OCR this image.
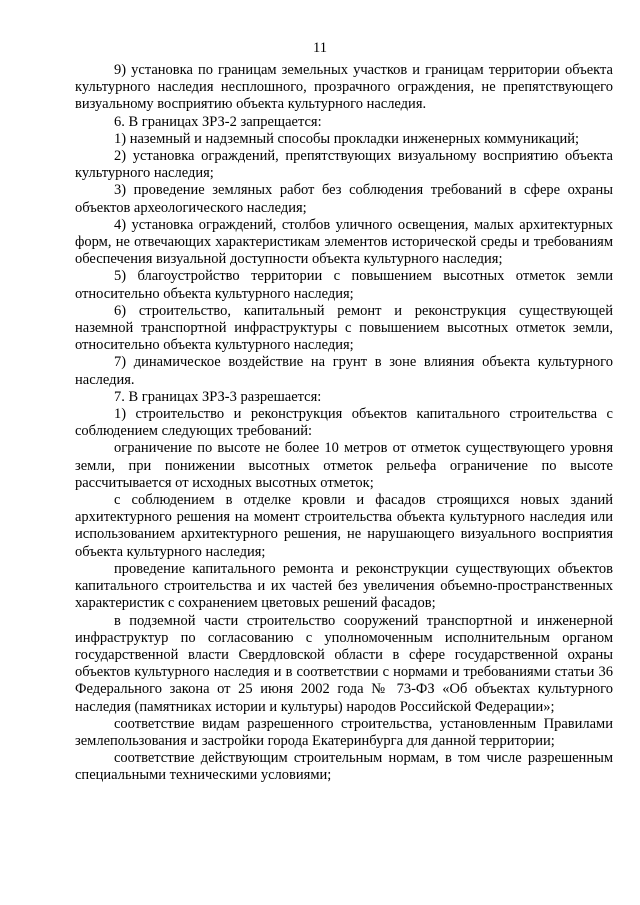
11

9) установка по границам земельных участков и границам территории объекта культурного наследия несплошного, прозрачного ограждения, не препятствующего визуальному восприятию объекта культурного наследия.

6. В границах ЗРЗ-2 запрещается:

1) наземный и надземный способы прокладки инженерных коммуникаций;

2) установка ограждений, препятствующих визуальному восприятию объекта культурного наследия;

3) проведение земляных работ без соблюдения требований в сфере охраны объектов археологического наследия;

4) установка ограждений, столбов уличного освещения, малых архитектурных форм, не отвечающих характеристикам элементов исторической среды и требованиям обеспечения визуальной доступности объекта культурного наследия;

5) благоустройство территории с повышением высотных отметок земли относительно объекта культурного наследия;

6) строительство, капитальный ремонт и реконструкция существующей наземной транспортной инфраструктуры с повышением высотных отметок земли, относительно объекта культурного наследия;

7) динамическое воздействие на грунт в зоне влияния объекта культурного наследия.

7. В границах ЗРЗ-3 разрешается:

1) строительство и реконструкция объектов капитального строительства с соблюдением следующих требований:

ограничение по высоте не более 10 метров от отметок существующего уровня земли, при понижении высотных отметок рельефа ограничение по высоте рассчитывается от исходных высотных отметок;

с соблюдением в отделке кровли и фасадов строящихся новых зданий архитектурного решения на момент строительства объекта культурного наследия или использованием архитектурного решения, не нарушающего визуального восприятия объекта культурного наследия;

проведение капитального ремонта и реконструкции существующих объектов капитального строительства и их частей без увеличения объемно-пространственных характеристик с сохранением цветовых решений фасадов;

в подземной части строительство сооружений транспортной и инженерной инфраструктур по согласованию с уполномоченным исполнительным органом государственной власти Свердловской области в сфере государственной охраны объектов культурного наследия и в соответствии с нормами и требованиями статьи 36 Федерального закона от 25 июня 2002 года № 73-ФЗ «Об объектах культурного наследия (памятниках истории и культуры) народов Российской Федерации»;

соответствие видам разрешенного строительства, установленным Правилами землепользования и застройки города Екатеринбурга для данной территории;

соответствие действующим строительным нормам, в том числе разрешенным специальными техническими условиями;
